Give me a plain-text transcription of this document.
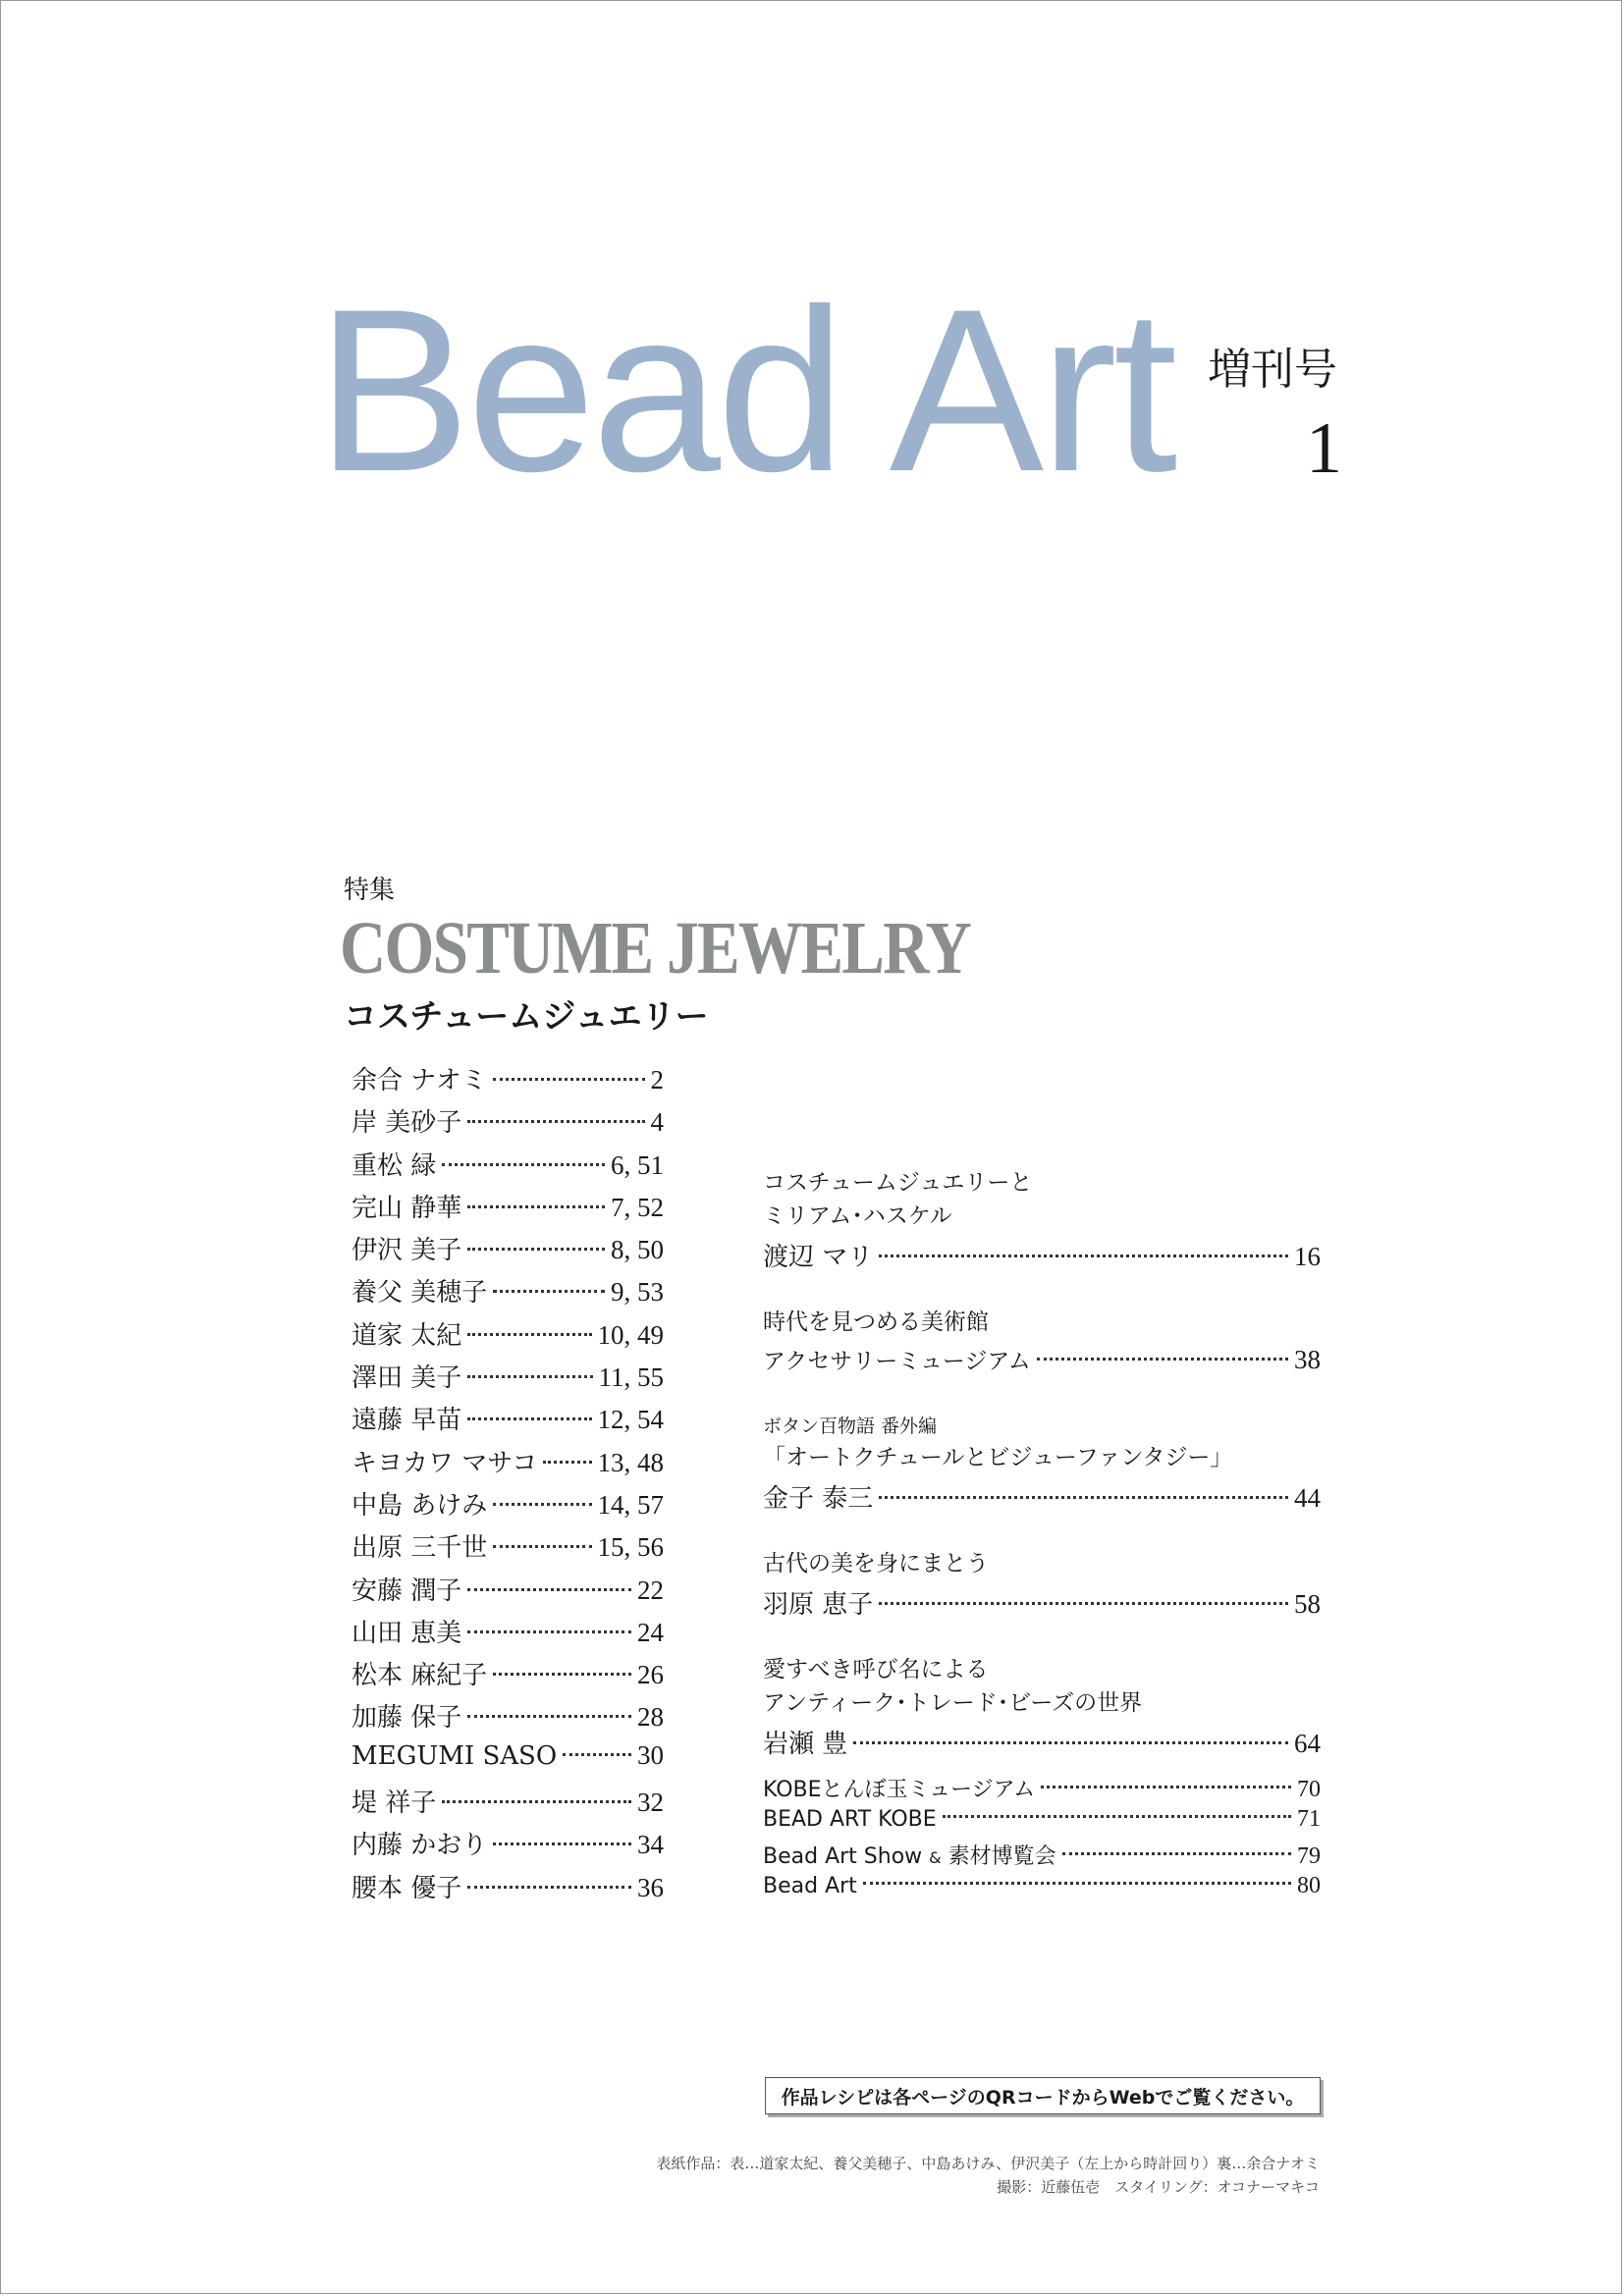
Bead Art 増刊号
1
特集
COSTUME JEWELRY
コスチュームジュエリー
余合 ナオミ	2
岸 美砂子	4
重松 緑	6, 51
完山 静華	7, 52
伊沢 美子	8, 50
養父 美穂子	9, 53
道家 太紀	10, 49
澤田 美子	11, 55
遠藤 早苗	12, 54
キヨカワ マサコ 13, 48
中島 あけみ	14, 57
出原 三千世	15, 56
安藤 潤子	22
山田 恵美	24
松本 麻紀子	26
加藤 保子	28
MEGUMI SASO	30
堤 祥子	32
内藤 かおり	34
腰本 優子	36
コスチュームジュエリーと
ミリアム･ハスケル
渡辺 マリ	16
時代を見つめる美術館
アクセサリーミュージアム	38
ボタン百物語 番外編
「オートクチュールとビジューファンタジー」
金子 泰三	44
古代の美を身にまとう
羽原 恵子	58
愛すべき呼び名による
アンティーク･トレード･ビーズの世界
岩瀬 豊	64
KOBEとんぼ玉ミュージアム	70
BEAD ART KOBE	71
Bead Art Show & 素材博覧会	79
Bead Art	80
作品レシピは各ページのQRコードからWebでご覧ください。
表紙作品：表…道家太紀、養父美穂子、中島あけみ、伊沢美子（左上から時計回り）裏…余合ナオミ
撮影：近藤伍壱　スタイリング：オコナーマキコ
